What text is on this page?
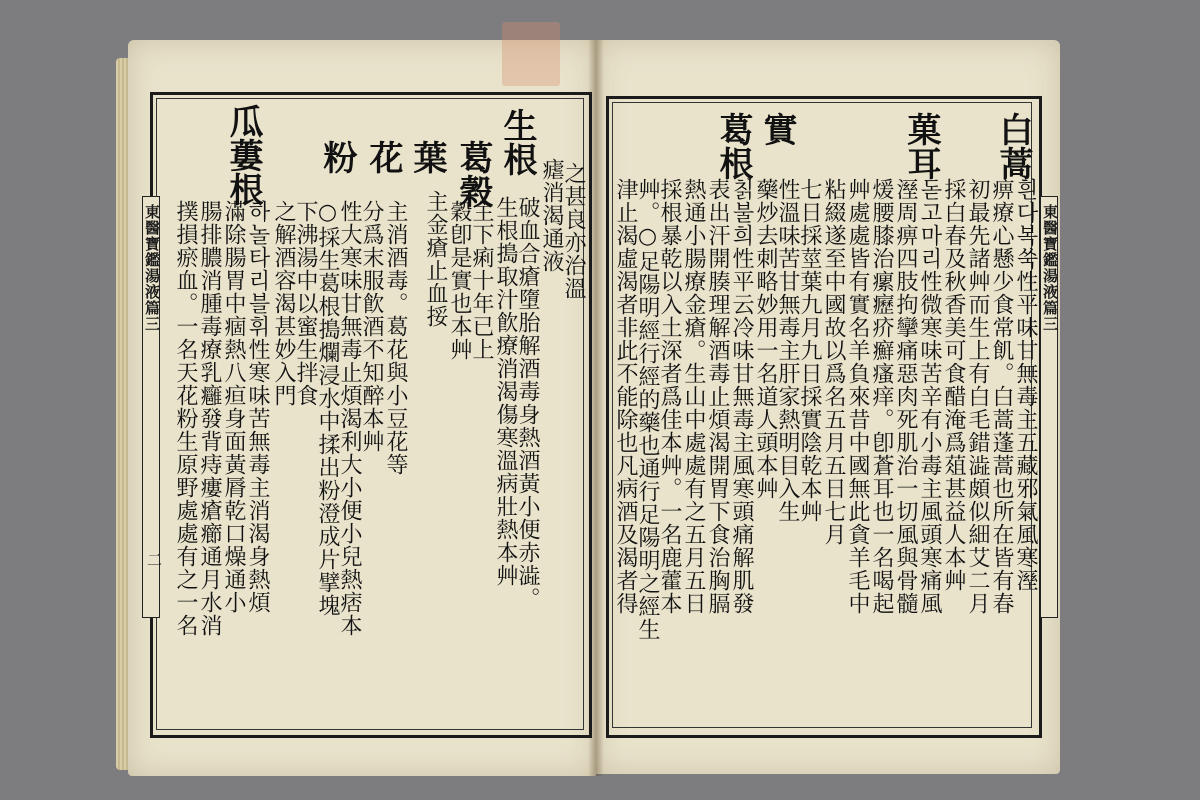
東醫寶鑑湯液篇三
二
東醫寶鑑湯液篇三
生根
葛穀
葉
花
粉
瓜蔞根
之甚良亦治溫
瘧消渴通液
破血合瘡墮胎解酒毒身熱酒黃小便赤澁。
生根搗取汁飮療消渴傷寒溫病壯熱本艸
主下痢十年已上
穀卽是實也本艸
主金瘡止血挼
主消酒毒。葛花與小豆花等
分爲末服飮酒不知醉本艸
性大寒味甘無毒止煩渴利大小便小兒熱痞本
○採生葛根搗爛浸水中揉出粉澄成片擘塊
下沸湯中以蜜生拌食
之解酒容渴甚妙入門
하놀타리블휘性寒味苦無毒主消渴身熱煩
滿除腸胃中痼熱八疸身面黃脣乾口燥通小
腸排膿消腫毒療乳癰發背痔瘻瘡癤通月水消
撲損瘀血。一名天花粉生原野處處有之一名
白蒿
菓耳
實
葛根
흰다복쑥性平味甘無毒主五藏邪氣風寒溼
痹療心懸少食常飢。白蒿蓬蒿也所在皆有春
初最先諸艸而生上有白毛錯澁頗似細艾二月
採白春及秋香美可食醋淹爲葅甚益人本艸
돋고마리性微寒味苦辛有小毒主風頭寒痛風
溼周痹四肢拘攣痛惡肉死肌治一切風與骨髓
煖腰膝治瘰癧疥癬瘙痒。卽蒼耳也一名喝起
艸處處皆有實名羊負來昔中國無此貪羊毛中
粘綴遂至中國故以爲名五月五日七月
七日採莖葉九月九日採實陰乾本艸
性溫味苦甘無毒主肝家熱明目入生
藥炒去刺略妙用一名道人頭本艸
칡불희性平云冷味甘無毒主風寒頭痛解肌發
表出汗開腠理解酒毒止煩渴開胃下食治胸膈
熱通小腸療金瘡。生山中處處有之五月五日
採根暴乾以入土深者爲佳本艸。一名鹿藿本
艸。○足陽明經行經的藥也通行足陽明之經生
津止渴虛渴者非此不能除也凡病酒及渴者得
